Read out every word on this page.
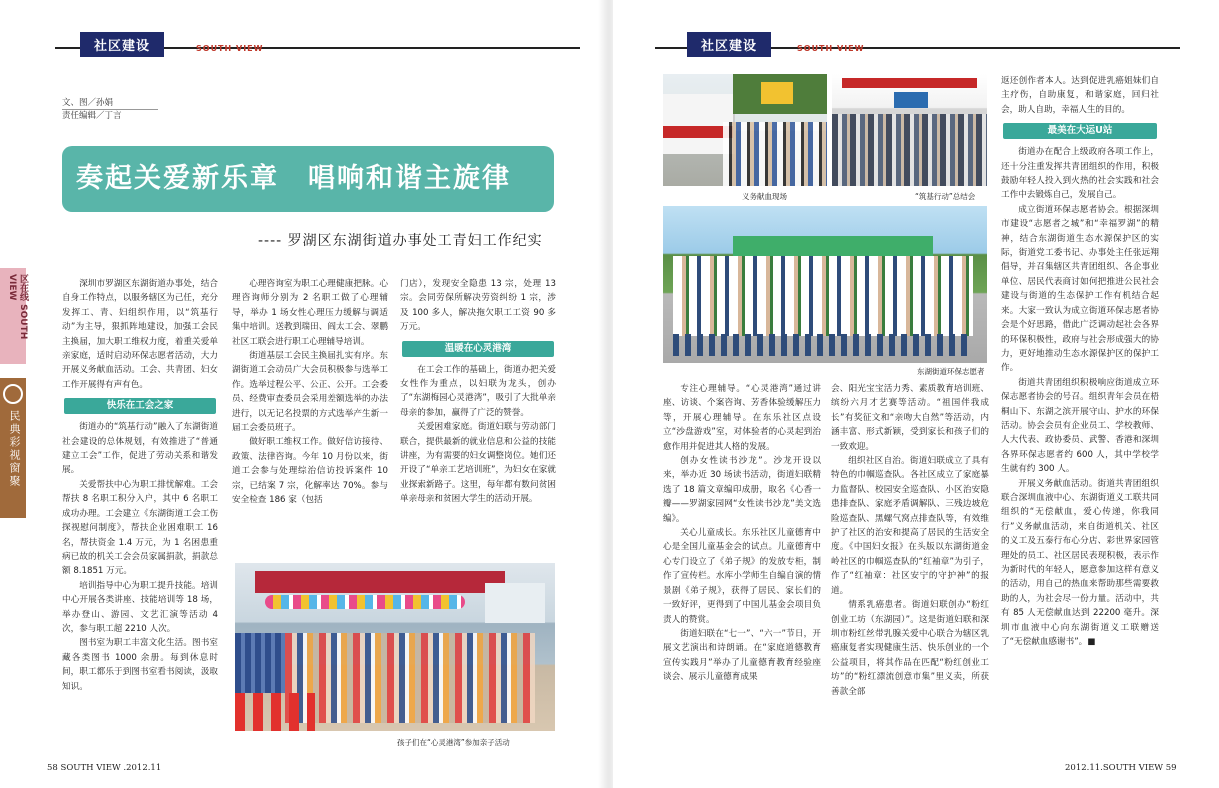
社区建设	SOUTH VIEW
区在线 SOUTH VIEW
民典彩视窗聚
文、图／孙娟
责任编辑／丁言
奏起关爱新乐章　唱响和谐主旋律
---- 罗湖区东湖街道办事处工青妇工作纪实

深圳市罗湖区东湖街道办事处，结合自身工作特点，以服务辖区为己任，充分发挥工、青、妇组织作用，以“筑基行动”为主导，狠抓阵地建设，加强工会民主换届，加大职工维权力度，着重关爱单亲家庭，适时启动环保志愿者活动，大力开展义务献血活动。工会、共青团、妇女工作开展得有声有色。

快乐在工会之家

街道办的“筑基行动”融入了东湖街道社会建设的总体规划，有效推进了“普通建立工会”工作，促进了劳动关系和谐发展。

关爱帮扶中心为职工排忧解难。工会帮扶 8 名职工积分入户，其中 6 名职工成功办理。工会建立《东湖街道工会工伤探视慰问制度》，帮扶企业困难职工 16 名，帮扶资金 1.4 万元，为 1 名困患重病已故的机关工会会员家属捐款，捐款总额 8.1851 万元。

培训指导中心为职工提升技能。培训中心开展各类讲座、技能培训等 18 场，举办登山、游园、文艺汇演等活动 4 次，参与职工超 2210 人次。

图书室为职工丰富文化生活。图书室藏各类图书 1000 余册。每到休息时间，职工都乐于到图书室看书阅读，汲取知识。

心理咨询室为职工心理健康把脉。心理咨询师分别为 2 名职工做了心理辅导，举办 1 场女性心理压力缓解与调适集中培训。送教到瑞田、阎太工会、翠鹏社区工联会进行职工心理辅导培训。

街道基层工会民主换届扎实有序。东湖街道工会动员广大会员积极参与选举工作。选举过程公平、公正、公开。工会委员、经费审查委员会采用差额选举的办法进行，以无记名投票的方式选举产生新一届工会委员班子。

做好职工维权工作。做好信访接待、政策、法律咨询。今年 10 月份以来，街道工会参与处理综治信访投诉案件 10 宗，已结案 7 宗，化解率达 70%。参与安全检查 186 家（包括

门店），发现安全隐患 13 宗，处理 13 宗。会同劳保所解决劳资纠纷 1 宗，涉及 100 多人，解决拖欠职工工资 90 多万元。

温暖在心灵港湾

在工会工作的基础上，街道办把关爱女性作为重点，以妇联为龙头，创办了“东湖梅园心灵港湾”，吸引了大批单亲母亲的参加，赢得了广泛的赞誉。

关爱困难家庭。街道妇联与劳动部门联合，提供最新的就业信息和公益的技能讲座，为有需要的妇女调整岗位。她们还开设了“单亲工艺培训班”，为妇女在家就业探索新路子。这里，每年都有数问贫困单亲母亲和贫困大学生的活动开展。

孩子们在“心灵港湾”参加亲子活动
58 SOUTH VIEW .2012.11
社区建设	SOUTH VIEW
义务献血现场	“筑基行动”总结会
东湖街道环保志愿者

专注心理辅导。“心灵港湾”通过讲座、访谈、个案咨询、芳香体验缓解压力等，开展心理辅导。在东乐社区点设立“沙盘游戏”室，对体验者的心灵起到治愈作用并促进其人格的发展。

创办女性读书沙龙”。沙龙开设以来，举办近 30 场读书活动，街道妇联精选了 18 篇文章编印成册，取名《心香一瓣——罗湖家园网“女性读书沙龙”美文选编》。

关心儿童成长。东乐社区儿童德育中心是全国儿童基金会的试点。儿童德育中心专门设立了《弟子规》的发放专柜，制作了宣传栏。水库小学师生自编自演的情景剧《弟子规》，获得了居民、家长们的一致好评，更得到了中国儿基金会项目负责人的赞赏。

街道妇联在“七一”、“六一”节日，开展文艺演出和诗朗诵。在“家庭道德教育宣传实践月”举办了儿童德育教育经验座谈会、展示儿童德育成果

会、阳光宝宝活力秀、素质教育培训班、缤纷六月才艺赛等活动。“祖国伴我成长”有奖征文和“亲吻大自然”等活动，内涵丰富、形式新颖，受到家长和孩子们的一致欢迎。

组织社区自治。街道妇联成立了具有特色的巾帼巡查队。各社区成立了家庭暴力监督队、校园安全巡查队、小区治安隐患排查队、家庭矛盾调解队、三残边坡危险巡查队、黑螺气窝点排查队等，有效维护了社区的治安和提高了居民的生活安全度。《中国妇女报》在头版以东湖街道金岭社区的巾帼巡查队的“红袖章”为引子，作了“红袖章：社区安宁的守护神”的报道。

情系乳癌患者。街道妇联创办“粉红创业工坊（东湖园）”。这是街道妇联和深圳市粉红丝带乳腺关爱中心联合为辖区乳癌康复者实现健康生活、快乐创业的一个公益项目，将其作品在匹配“粉红创业工坊”的“粉红漂流创意市集”里义卖，所获善款全部

返还创作者本人。达到促进乳癌姐妹们自主疗伤，自助康复，和谐家庭，回归社会，助人自助，幸福人生的目的。

最美在大运U站

街道办在配合上级政府各项工作上，还十分注重发挥共青团组织的作用，积极鼓励年轻人投入到火热的社会实践和社会工作中去锻炼自己，发展自己。

成立街道环保志愿者协会。根据深圳市建设“志愿者之城”和“幸福罗湖”的精神，结合东湖街道生态水源保护区的实际，街道党工委书记、办事处主任张远翔倡导，并召集辖区共青团组织、各企事业单位、居民代表商讨如何把推进公民社会建设与街道的生态保护工作有机结合起来。大家一致认为成立街道环保志愿者协会是个好思路，借此广泛调动起社会各界的环保积极性，政府与社会形成强大的协力，更好地推动生态水源保护区的保护工作。

街道共青团组织积极响应街道成立环保志愿者协会的号召。组织青年会员在梧桐山下、东湖之滨开展守山、护水的环保活动。协会会员有企业员工、学校教师、人大代表、政协委员、武警、香港和深圳各界环保志愿者约 600 人，其中学校学生就有约 300 人。

开展义务献血活动。街道共青团组织联合深圳血液中心、东湖街道义工联共同组织的“无偿献血，爱心传递，你我同行”义务献血活动，来自街道机关、社区的义工及五泰行布心分店、彩世界家园管理处的员工、社区居民表现积极，表示作为新时代的年轻人，愿意参加这样有意义的活动，用自己的热血来帮助那些需要救助的人，为社会尽一份力量。活动中，共有 85 人无偿献血达到 22200 毫升。深圳市血液中心向东湖街道义工联赠送了“无偿献血感谢书”。■

2012.11.SOUTH VIEW 59
